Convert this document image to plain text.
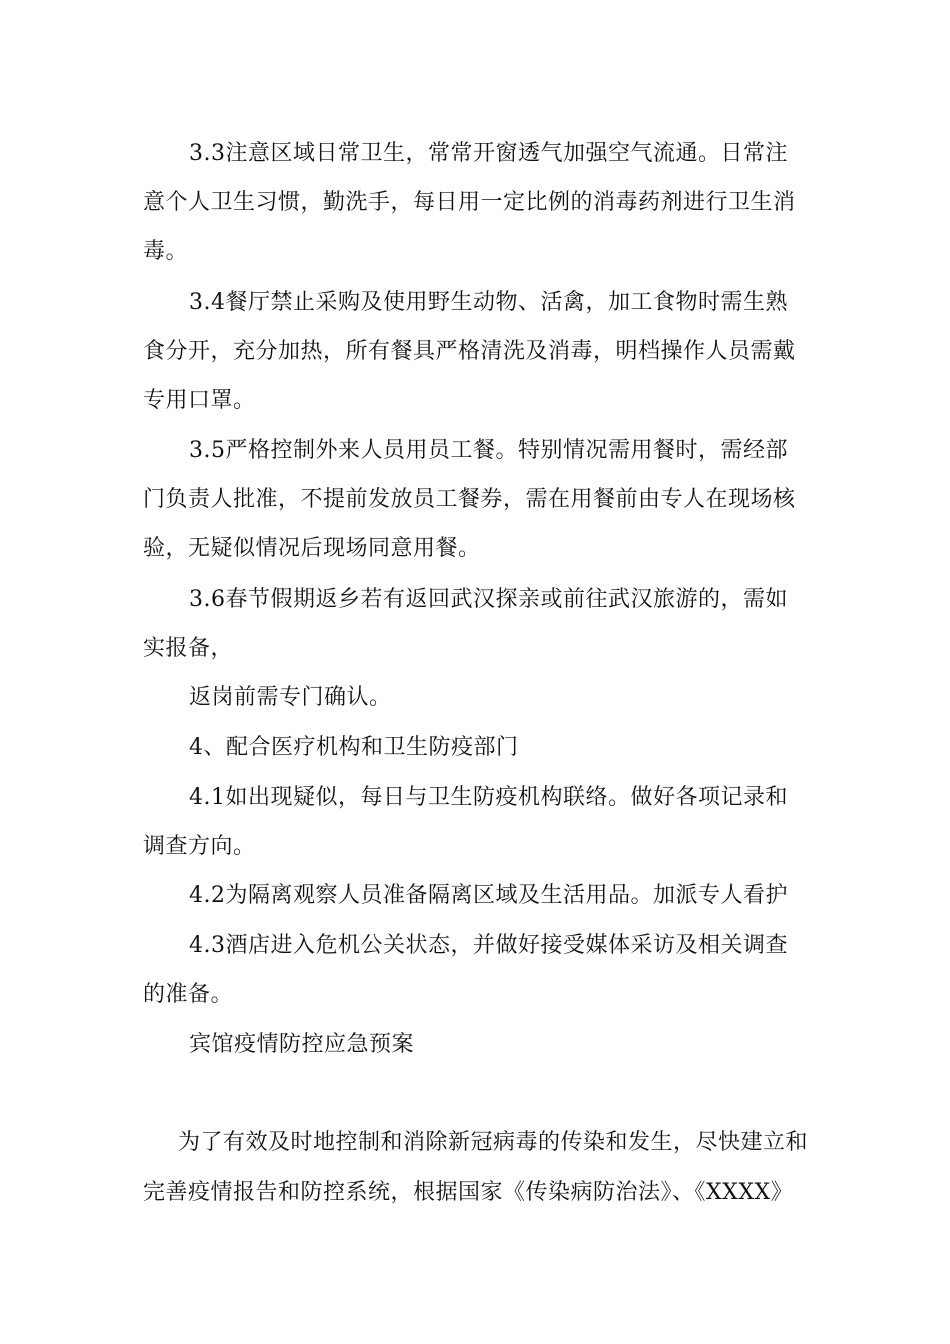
3.3注意区域日常卫生，常常开窗透气加强空气流通。日常注
意个人卫生习惯，勤洗手，每日用一定比例的消毒药剂进行卫生消
毒。
3.4餐厅禁止采购及使用野生动物、活禽，加工食物时需生熟
食分开，充分加热，所有餐具严格清洗及消毒，明档操作人员需戴
专用口罩。
3.5严格控制外来人员用员工餐。特别情况需用餐时，需经部
门负责人批准，不提前发放员工餐券，需在用餐前由专人在现场核
验，无疑似情况后现场同意用餐。
3.6春节假期返乡若有返回武汉探亲或前往武汉旅游的，需如
实报备，
返岗前需专门确认。
4、配合医疗机构和卫生防疫部门
4.1如出现疑似，每日与卫生防疫机构联络。做好各项记录和
调查方向。
4.2为隔离观察人员准备隔离区域及生活用品。加派专人看护
4.3酒店进入危机公关状态，并做好接受媒体采访及相关调查
的准备。
宾馆疫情防控应急预案
为了有效及时地控制和消除新冠病毒的传染和发生，尽快建立和
完善疫情报告和防控系统，根据国家《传染病防治法》、《XXXX》
